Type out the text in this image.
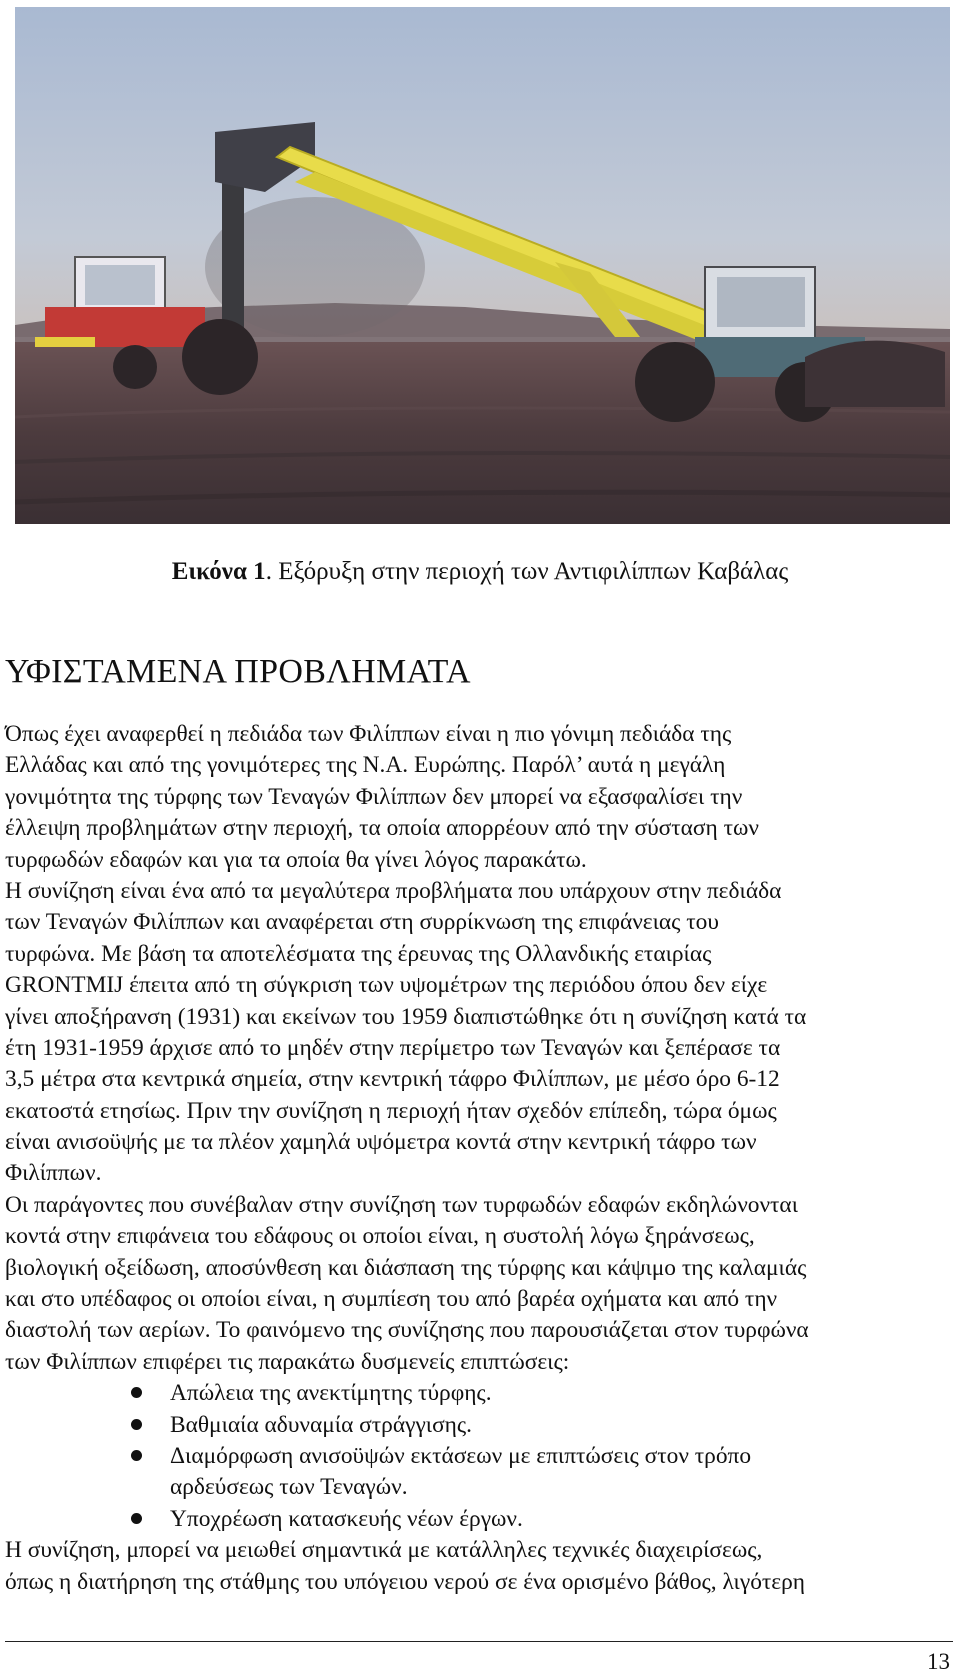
Εικόνα 1. Εξόρυξη στην περιοχή των Αντιφιλίππων Καβάλας
ΥΦΙΣΤΑΜΕΝΑ ΠΡΟΒΛΗΜΑΤΑ
Όπως έχει αναφερθεί η πεδιάδα των Φιλίππων είναι η πιο γόνιμη πεδιάδα της
Ελλάδας και από της γονιμότερες της Ν.Α. Ευρώπης. Παρόλ’ αυτά η μεγάλη
γονιμότητα της τύρφης των Τεναγών Φιλίππων δεν μπορεί να εξασφαλίσει την
έλλειψη προβλημάτων στην περιοχή, τα οποία απορρέουν από την σύσταση των
τυρφωδών εδαφών και για τα οποία θα γίνει λόγος παρακάτω.
Η συνίζηση είναι ένα από τα μεγαλύτερα προβλήματα που υπάρχουν στην πεδιάδα
των Τεναγών Φιλίππων και αναφέρεται στη συρρίκνωση της επιφάνειας του
τυρφώνα. Με βάση τα αποτελέσματα της έρευνας της Ολλανδικής εταιρίας
GRONTMIJ έπειτα από τη σύγκριση των υψομέτρων της περιόδου όπου δεν είχε
γίνει αποξήρανση (1931) και εκείνων του 1959 διαπιστώθηκε ότι η συνίζηση κατά τα
έτη 1931-1959 άρχισε από το μηδέν στην περίμετρο των Τεναγών και ξεπέρασε τα
3,5 μέτρα στα κεντρικά σημεία, στην κεντρική τάφρο Φιλίππων, με μέσο όρο 6-12
εκατοστά ετησίως. Πριν την συνίζηση η περιοχή ήταν σχεδόν επίπεδη, τώρα όμως
είναι ανισοϋψής με τα πλέον χαμηλά υψόμετρα κοντά στην κεντρική τάφρο των
Φιλίππων.
Οι παράγοντες που συνέβαλαν στην συνίζηση των τυρφωδών εδαφών εκδηλώνονται
κοντά στην επιφάνεια του εδάφους οι οποίοι είναι, η συστολή λόγω ξηράνσεως,
βιολογική οξείδωση, αποσύνθεση και διάσπαση της τύρφης και κάψιμο της καλαμιάς
και στο υπέδαφος οι οποίοι είναι, η συμπίεση του από βαρέα οχήματα και από την
διαστολή των αερίων. Το φαινόμενο της συνίζησης που παρουσιάζεται στον τυρφώνα
των Φιλίππων επιφέρει τις παρακάτω δυσμενείς επιπτώσεις:
Απώλεια της ανεκτίμητης τύρφης.
Βαθμιαία αδυναμία στράγγισης.
Διαμόρφωση ανισοϋψών εκτάσεων με επιπτώσεις στον τρόπο
αρδεύσεως των Τεναγών.
Υποχρέωση κατασκευής νέων έργων.
Η συνίζηση, μπορεί να μειωθεί σημαντικά με κατάλληλες τεχνικές διαχειρίσεως,
όπως η διατήρηση της στάθμης του υπόγειου νερού σε ένα ορισμένο βάθος, λιγότερη
13
